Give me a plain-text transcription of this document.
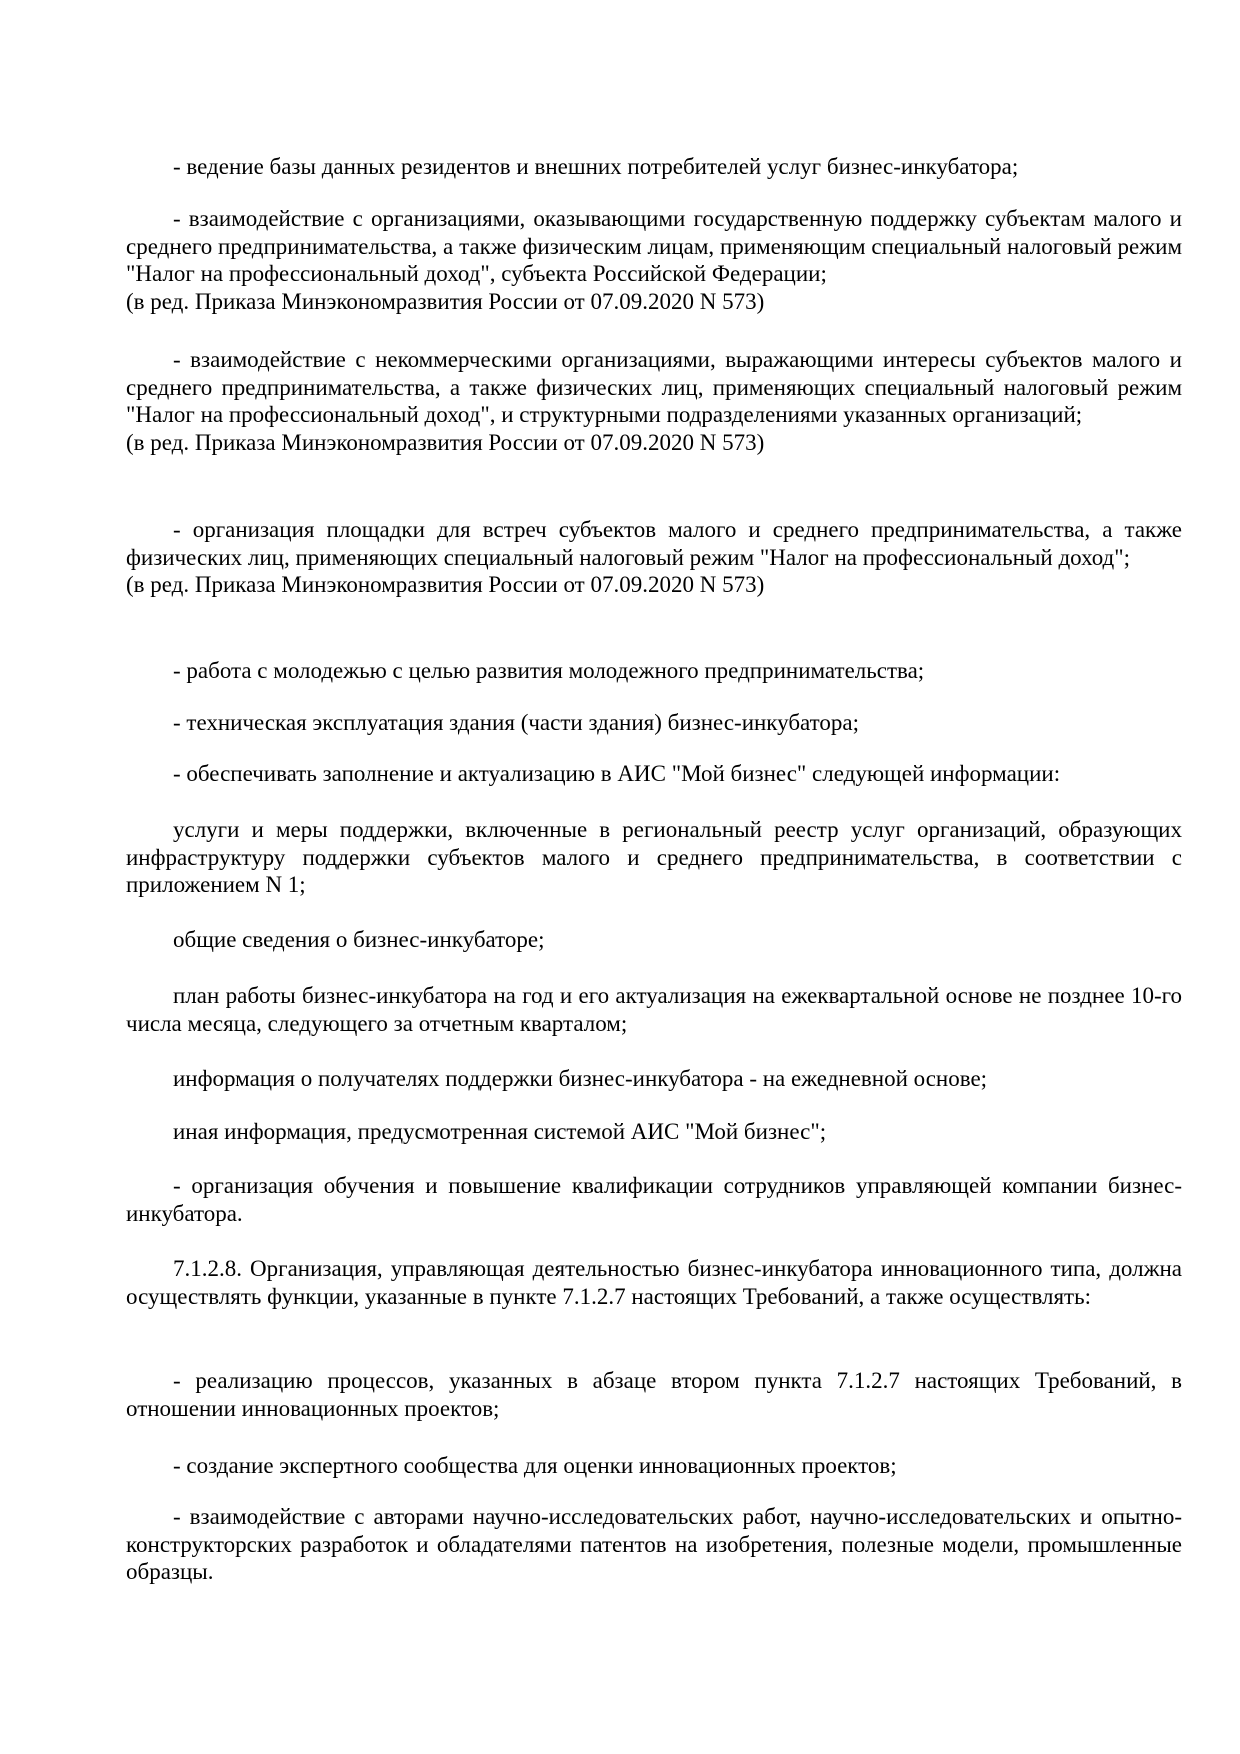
- ведение базы данных резидентов и внешних потребителей услуг бизнес-инкубатора;
- взаимодействие с организациями, оказывающими государственную поддержку субъектам малого и среднего предпринимательства, а также физическим лицам, применяющим специальный налоговый режим "Налог на профессиональный доход", субъекта Российской Федерации;
(в ред. Приказа Минэкономразвития России от 07.09.2020 N 573)
- взаимодействие с некоммерческими организациями, выражающими интересы субъектов малого и среднего предпринимательства, а также физических лиц, применяющих специальный налоговый режим "Налог на профессиональный доход", и структурными подразделениями указанных организаций;
(в ред. Приказа Минэкономразвития России от 07.09.2020 N 573)
- организация площадки для встреч субъектов малого и среднего предпринимательства, а также физических лиц, применяющих специальный налоговый режим "Налог на профессиональный доход";
(в ред. Приказа Минэкономразвития России от 07.09.2020 N 573)
- работа с молодежью с целью развития молодежного предпринимательства;
- техническая эксплуатация здания (части здания) бизнес-инкубатора;
- обеспечивать заполнение и актуализацию в АИС "Мой бизнес" следующей информации:
услуги и меры поддержки, включенные в региональный реестр услуг организаций, образующих инфраструктуру поддержки субъектов малого и среднего предпринимательства, в соответствии с приложением N 1;
общие сведения о бизнес-инкубаторе;
план работы бизнес-инкубатора на год и его актуализация на ежеквартальной основе не позднее 10-го числа месяца, следующего за отчетным кварталом;
информация о получателях поддержки бизнес-инкубатора - на ежедневной основе;
иная информация, предусмотренная системой АИС "Мой бизнес";
- организация обучения и повышение квалификации сотрудников управляющей компании бизнес-инкубатора.
7.1.2.8. Организация, управляющая деятельностью бизнес-инкубатора инновационного типа, должна осуществлять функции, указанные в пункте 7.1.2.7 настоящих Требований, а также осуществлять:
- реализацию процессов, указанных в абзаце втором пункта 7.1.2.7 настоящих Требований, в отношении инновационных проектов;
- создание экспертного сообщества для оценки инновационных проектов;
- взаимодействие с авторами научно-исследовательских работ, научно-исследовательских и опытно-конструкторских разработок и обладателями патентов на изобретения, полезные модели, промышленные образцы.
